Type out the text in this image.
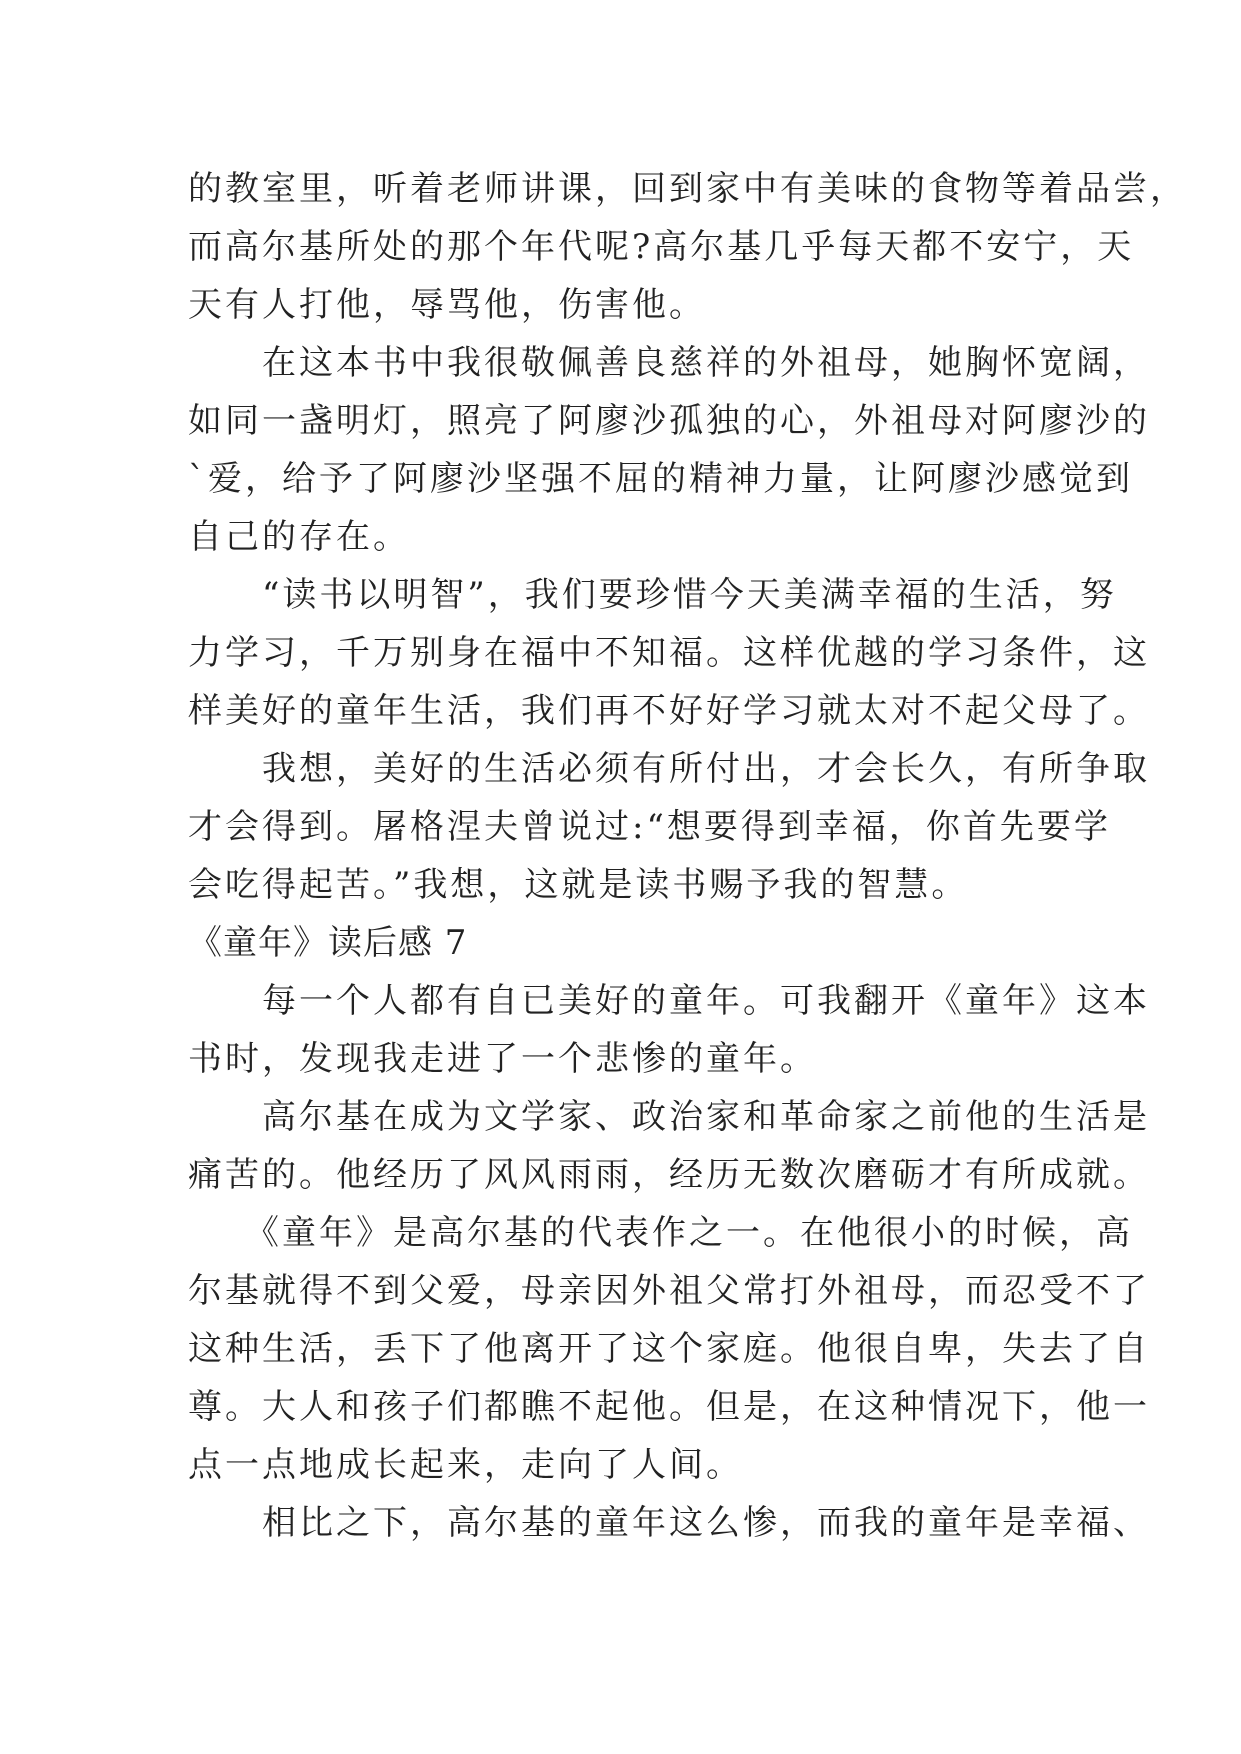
的教室里，听着老师讲课，回到家中有美味的食物等着品尝，
而高尔基所处的那个年代呢?高尔基几乎每天都不安宁，天
天有人打他，辱骂他，伤害他。
　　在这本书中我很敬佩善良慈祥的外祖母，她胸怀宽阔，
如同一盏明灯，照亮了阿廖沙孤独的心，外祖母对阿廖沙的
`爱，给予了阿廖沙坚强不屈的精神力量，让阿廖沙感觉到
自己的存在。
　　“读书以明智”，我们要珍惜今天美满幸福的生活，努
力学习，千万别身在福中不知福。这样优越的学习条件，这
样美好的童年生活，我们再不好好学习就太对不起父母了。
　　我想，美好的生活必须有所付出，才会长久，有所争取
才会得到。屠格涅夫曾说过:“想要得到幸福，你首先要学
会吃得起苦。”我想，这就是读书赐予我的智慧。
《童年》读后感 7
　　每一个人都有自已美好的童年。可我翻开《童年》这本
书时，发现我走进了一个悲惨的童年。
　　高尔基在成为文学家、政治家和革命家之前他的生活是
痛苦的。他经历了风风雨雨，经历无数次磨砺才有所成就。
　　《童年》是高尔基的代表作之一。在他很小的时候，高
尔基就得不到父爱，母亲因外祖父常打外祖母，而忍受不了
这种生活，丢下了他离开了这个家庭。他很自卑，失去了自
尊。大人和孩子们都瞧不起他。但是，在这种情况下，他一
点一点地成长起来，走向了人间。
　　相比之下，高尔基的童年这么惨，而我的童年是幸福、
